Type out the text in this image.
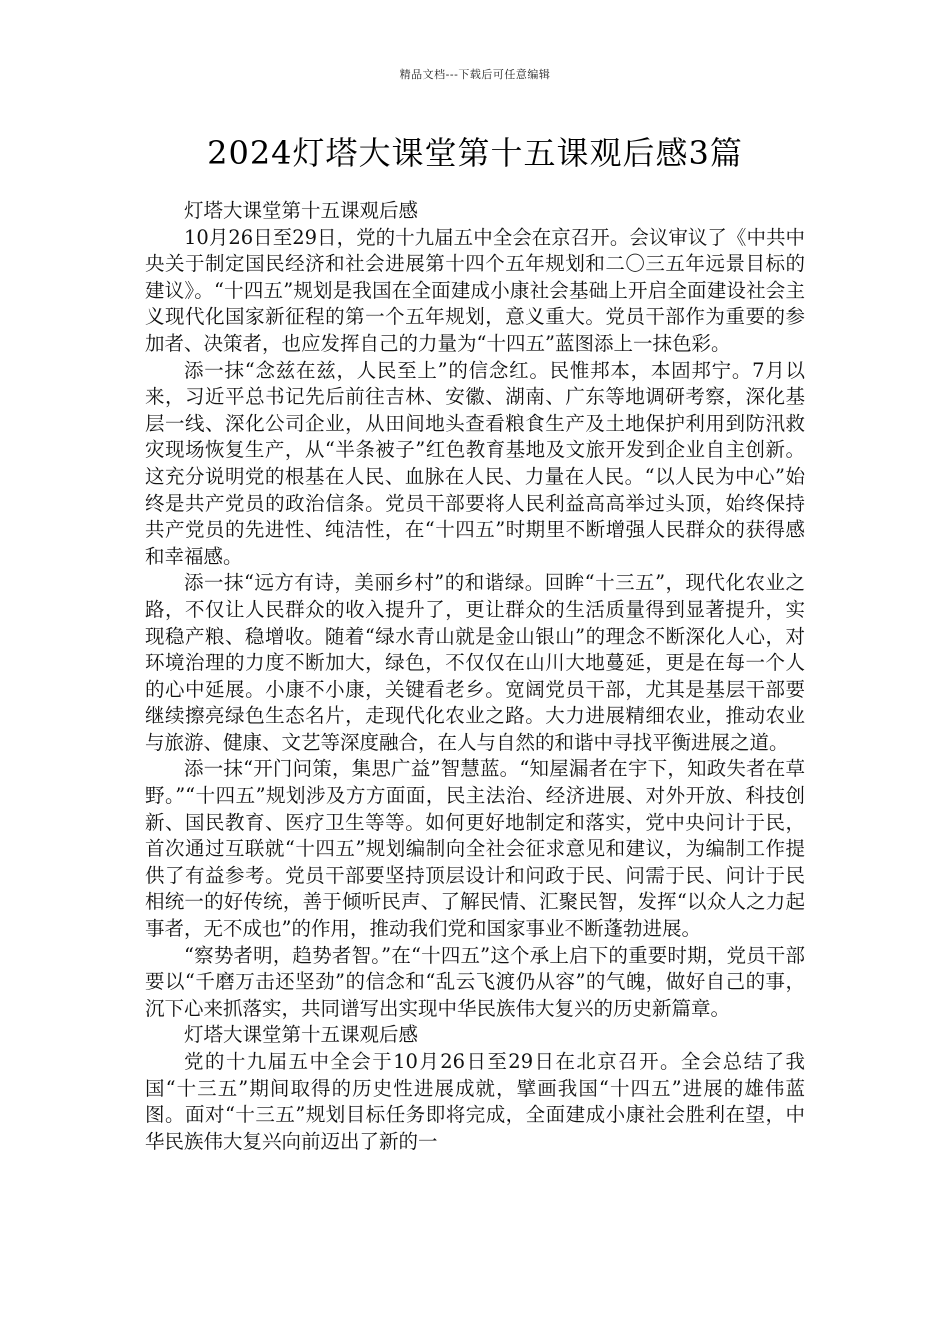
精品文档---下载后可任意编辑
2024灯塔大课堂第十五课观后感3篇

灯塔大课堂第十五课观后感

10月26日至29日，党的十九届五中全会在京召开。会议审议了《中共中央关于制定国民经济和社会进展第十四个五年规划和二〇三五年远景目标的建议》。“十四五”规划是我国在全面建成小康社会基础上开启全面建设社会主义现代化国家新征程的第一个五年规划，意义重大。党员干部作为重要的参加者、决策者，也应发挥自己的力量为“十四五”蓝图添上一抹色彩。

添一抹“念兹在兹，人民至上”的信念红。民惟邦本，本固邦宁。7月以来，习近平总书记先后前往吉林、安徽、湖南、广东等地调研考察，深化基层一线、深化公司企业，从田间地头查看粮食生产及土地保护利用到防汛救灾现场恢复生产，从“半条被子”红色教育基地及文旅开发到企业自主创新。这充分说明党的根基在人民、血脉在人民、力量在人民。“以人民为中心”始终是共产党员的政治信条。党员干部要将人民利益高高举过头顶，始终保持共产党员的先进性、纯洁性，在“十四五”时期里不断增强人民群众的获得感和幸福感。

添一抹“远方有诗，美丽乡村”的和谐绿。回眸“十三五”，现代化农业之路，不仅让人民群众的收入提升了，更让群众的生活质量得到显著提升，实现稳产粮、稳增收。随着“绿水青山就是金山银山”的理念不断深化人心，对环境治理的力度不断加大，绿色，不仅仅在山川大地蔓延，更是在每一个人的心中延展。小康不小康，关键看老乡。宽阔党员干部，尤其是基层干部要继续擦亮绿色生态名片，走现代化农业之路。大力进展精细农业，推动农业与旅游、健康、文艺等深度融合，在人与自然的和谐中寻找平衡进展之道。

添一抹“开门问策，集思广益”智慧蓝。“知屋漏者在宇下，知政失者在草野。”“十四五”规划涉及方方面面，民主法治、经济进展、对外开放、科技创新、国民教育、医疗卫生等等。如何更好地制定和落实，党中央问计于民，首次通过互联就“十四五”规划编制向全社会征求意见和建议，为编制工作提供了有益参考。党员干部要坚持顶层设计和问政于民、问需于民、问计于民相统一的好传统，善于倾听民声、了解民情、汇聚民智，发挥“以众人之力起事者，无不成也”的作用，推动我们党和国家事业不断蓬勃进展。

“察势者明，趋势者智。”在“十四五”这个承上启下的重要时期，党员干部要以“千磨万击还坚劲”的信念和“乱云飞渡仍从容”的气魄，做好自己的事，沉下心来抓落实，共同谱写出实现中华民族伟大复兴的历史新篇章。

灯塔大课堂第十五课观后感

党的十九届五中全会于10月26日至29日在北京召开。全会总结了我国“十三五”期间取得的历史性进展成就，擘画我国“十四五”进展的雄伟蓝图。面对“十三五”规划目标任务即将完成，全面建成小康社会胜利在望，中华民族伟大复兴向前迈出了新的一
